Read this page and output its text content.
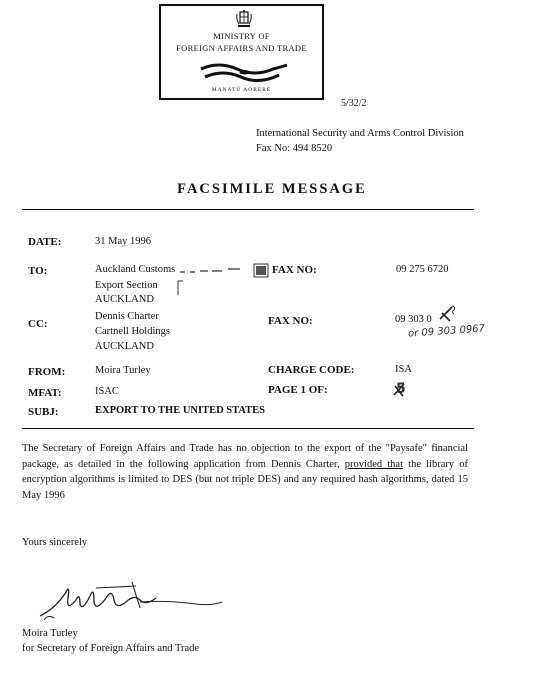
MINISTRY OF
FOREIGN AFFAIRS AND TRADE
MANATŪ AORERE
5/32/2
International Security and Arms Control Division
Fax No: 494 8520
FACSIMILE MESSAGE
DATE:	31 May 1996
TO:	Auckland Customs
Export Section
AUCKLAND
FAX NO:	09 275 6720
CC:
Dennis Charter
Cartnell Holdings
AUCKLAND
FAX NO:	09 303 0
or 09 303 0967
FROM:	Moira Turley	CHARGE CODE:	ISA
MFAT:	ISAC	PAGE 1 OF:	5
SUBJ:	EXPORT TO THE UNITED STATES
The Secretary of Foreign Affairs and Trade has no objection to the export of the "Paysafe" financial package, as detailed in the following application from Dennis Charter, provided that the library of encryption algorithms is limited to DES (but not triple DES) and any required hash algorithms, dated 15 May 1996
Yours sincerely
Moira Turley
for Secretary of Foreign Affairs and Trade
